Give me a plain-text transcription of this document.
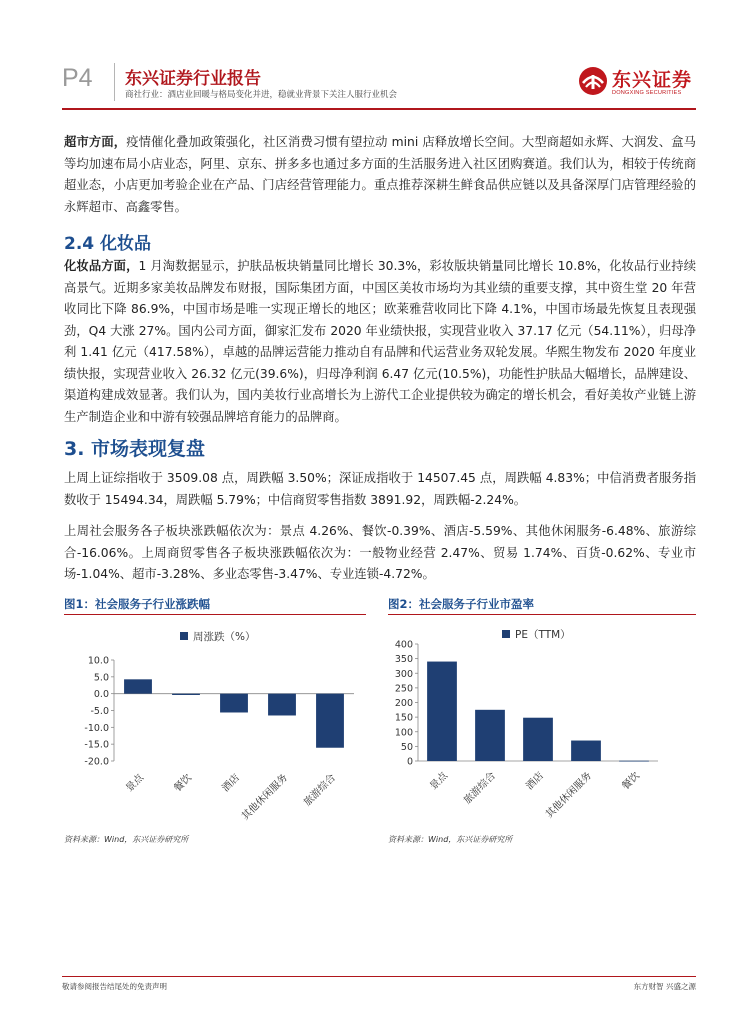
P4 东兴证券行业报告
商社行业：酒店业回暖与格局变化并进，稳就业背景下关注人服行业机会
东兴证券
DONGXING SECURITIES

超市方面，疫情催化叠加政策强化，社区消费习惯有望拉动 mini 店释放增长空间。大型商超如永辉、大润发、盒马等均加速布局小店业态，阿里、京东、拼多多也通过多方面的生活服务进入社区团购赛道。我们认为，相较于传统商超业态，小店更加考验企业在产品、门店经营管理能力。重点推荐深耕生鲜食品供应链以及具备深厚门店管理经验的永辉超市、高鑫零售。

2.4 化妆品

化妆品方面，1 月淘数据显示，护肤品板块销量同比增长 30.3%，彩妆版块销量同比增长 10.8%，化妆品行业持续高景气。近期多家美妆品牌发布财报，国际集团方面，中国区美妆市场均为其业绩的重要支撑，其中资生堂 20 年营收同比下降 86.9%，中国市场是唯一实现正增长的地区；欧莱雅营收同比下降 4.1%，中国市场最先恢复且表现强劲，Q4 大涨 27%。国内公司方面，御家汇发布 2020 年业绩快报，实现营业收入 37.17 亿元（54.11%），归母净利 1.41 亿元（417.58%），卓越的品牌运营能力推动自有品牌和代运营业务双轮发展。华熙生物发布 2020 年度业绩快报，实现营业收入 26.32 亿元(39.6%)，归母净利润 6.47 亿元(10.5%)，功能性护肤品大幅增长，品牌建设、渠道构建成效显著。我们认为，国内美妆行业高增长为上游代工企业提供较为确定的增长机会，看好美妆产业链上游生产制造企业和中游有较强品牌培育能力的品牌商。

3. 市场表现复盘

上周上证综指收于 3509.08 点，周跌幅 3.50%；深证成指收于 14507.45 点，周跌幅 4.83%；中信消费者服务指数收于 15494.34，周跌幅 5.79%；中信商贸零售指数 3891.92，周跌幅-2.24%。

上周社会服务各子板块涨跌幅依次为：景点 4.26%、餐饮-0.39%、酒店-5.59%、其他休闲服务-6.48%、旅游综合-16.06%。上周商贸零售各子板块涨跌幅依次为：一般物业经营 2.47%、贸易 1.74%、百货-0.62%、专业市场-1.04%、超市-3.28%、多业态零售-3.47%、专业连锁-4.72%。

图1：社会服务子行业涨跌幅	图2：社会服务子行业市盈率
周涨跌（%）
10.0
5.0
0.0
-5.0
-10.0
-15.0
-20.0
景点	餐饮	酒店
其他休闲服务 旅游综合
PE（TTM）
400
350
300
250
200
150
100
50
0
景点 旅游综合	酒店
其他休闲服务	餐饮
资料来源：Wind，东兴证券研究所	资料来源：Wind，东兴证券研究所
敬请参阅报告结尾处的免责声明	东方财智 兴盛之源
